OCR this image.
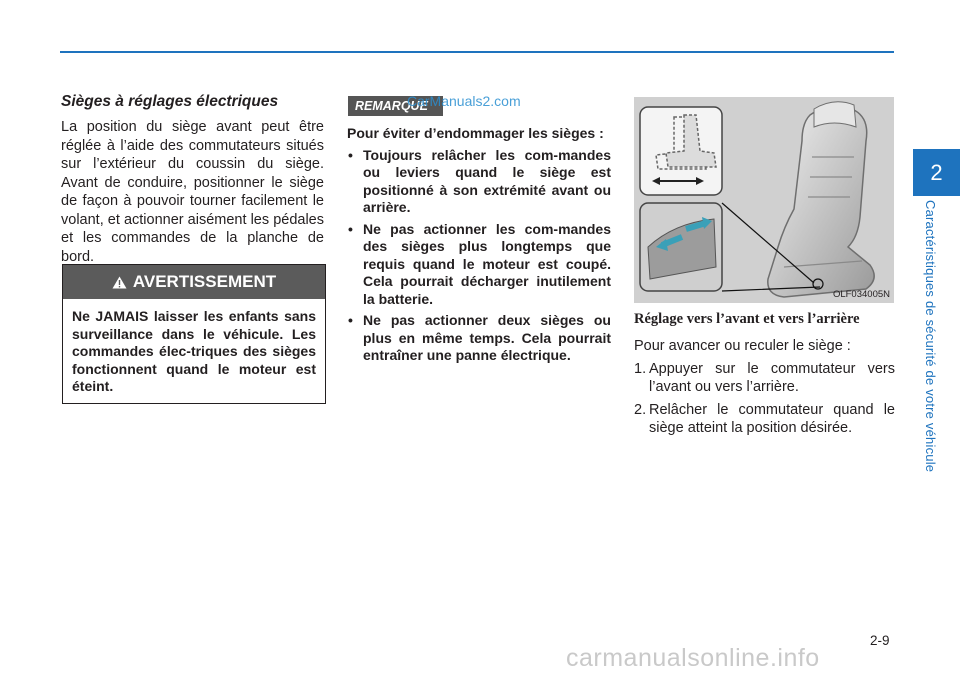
Sièges à réglages électriques

La position du siège avant peut être réglée à l’aide des commutateurs situés sur l’extérieur du coussin du siège. Avant de conduire, positionner le siège de façon à pouvoir tourner facilement le volant, et actionner aisément les pédales et les commandes de la planche de bord.

AVERTISSEMENT
Ne JAMAIS laisser les enfants sans surveillance dans le véhicule. Les commandes élec-triques des sièges fonctionnent quand le moteur est éteint.
REMARQUE
CarManuals2.com

Pour éviter d’endommager les sièges :

• Toujours relâcher les com-mandes ou leviers quand le siège est positionné à son extrémité avant ou arrière.

• Ne pas actionner les com-mandes des sièges plus longtemps que requis quand le moteur est coupé. Cela pourrait décharger inutilement la batterie.

• Ne pas actionner deux sièges ou plus en même temps. Cela pourrait entraîner une panne électrique.

OLF034005N
Réglage vers l’avant et vers l’arrière

Pour avancer ou reculer le siège :

1. Appuyer sur le commutateur vers l’avant ou vers l’arrière.
2. Relâcher le commutateur quand le siège atteint la position désirée.
2
Caractéristiques de sécurité de votre véhicule
2-9
carmanualsonline.info
